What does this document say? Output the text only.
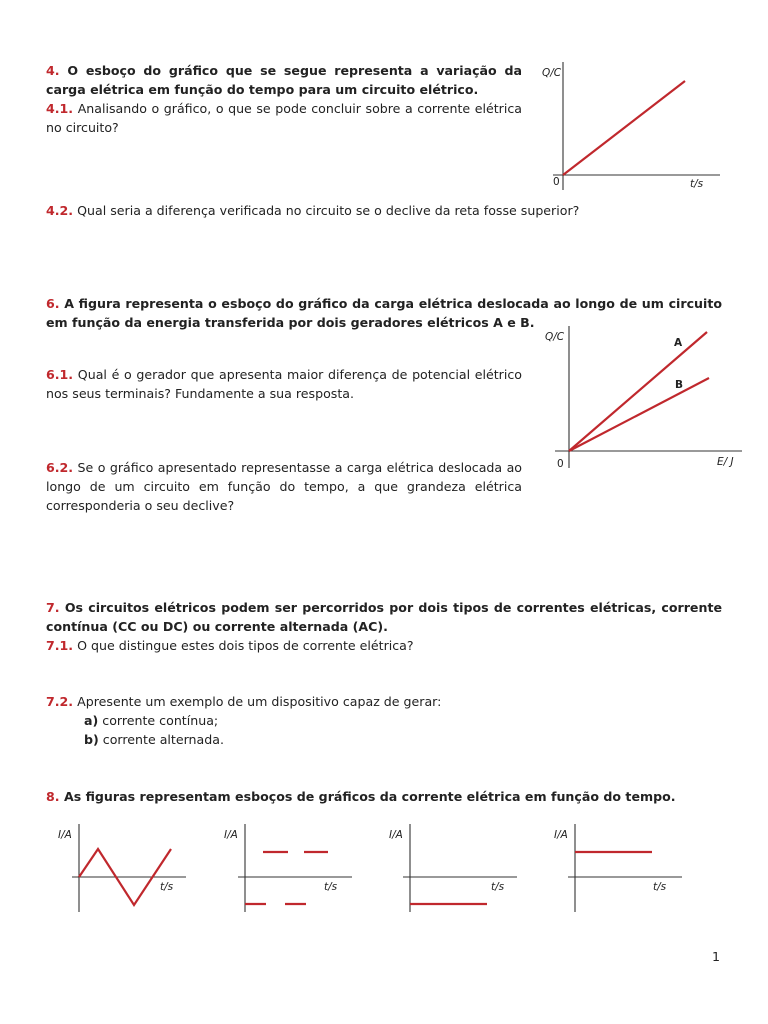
4. O esboço do gráfico que se segue representa a variação da carga elétrica em função do tempo para um circuito elétrico.

4.1. Analisando o gráfico, o que se pode concluir sobre a corrente elétrica no circuito?

Q/C
0	t/s

4.2. Qual seria a diferença verificada no circuito se o declive da reta fosse superior?

6. A figura representa o esboço do gráfico da carga elétrica deslocada ao longo de um circuito em função da energia transferida por dois geradores elétricos A e B.

6.1. Qual é o gerador que apresenta maior diferença de potencial elétrico nos seus terminais? Fundamente a sua resposta.

Q/C
0	E/ J
A
B

6.2. Se o gráfico apresentado representasse a carga elétrica deslocada ao longo de um circuito em função do tempo, a que grandeza elétrica corresponderia o seu declive?

7. Os circuitos elétricos podem ser percorridos por dois tipos de correntes elétricas, corrente contínua (CC ou DC) ou corrente alternada (AC).

7.1. O que distingue estes dois tipos de corrente elétrica?

7.2. Apresente um exemplo de um dispositivo capaz de gerar:

a) corrente contínua;

b) corrente alternada.

8. As figuras representam esboços de gráficos da corrente elétrica em função do tempo.

I/A
t/s
I/A
t/s
I/A
t/s
I/A
t/s
1
